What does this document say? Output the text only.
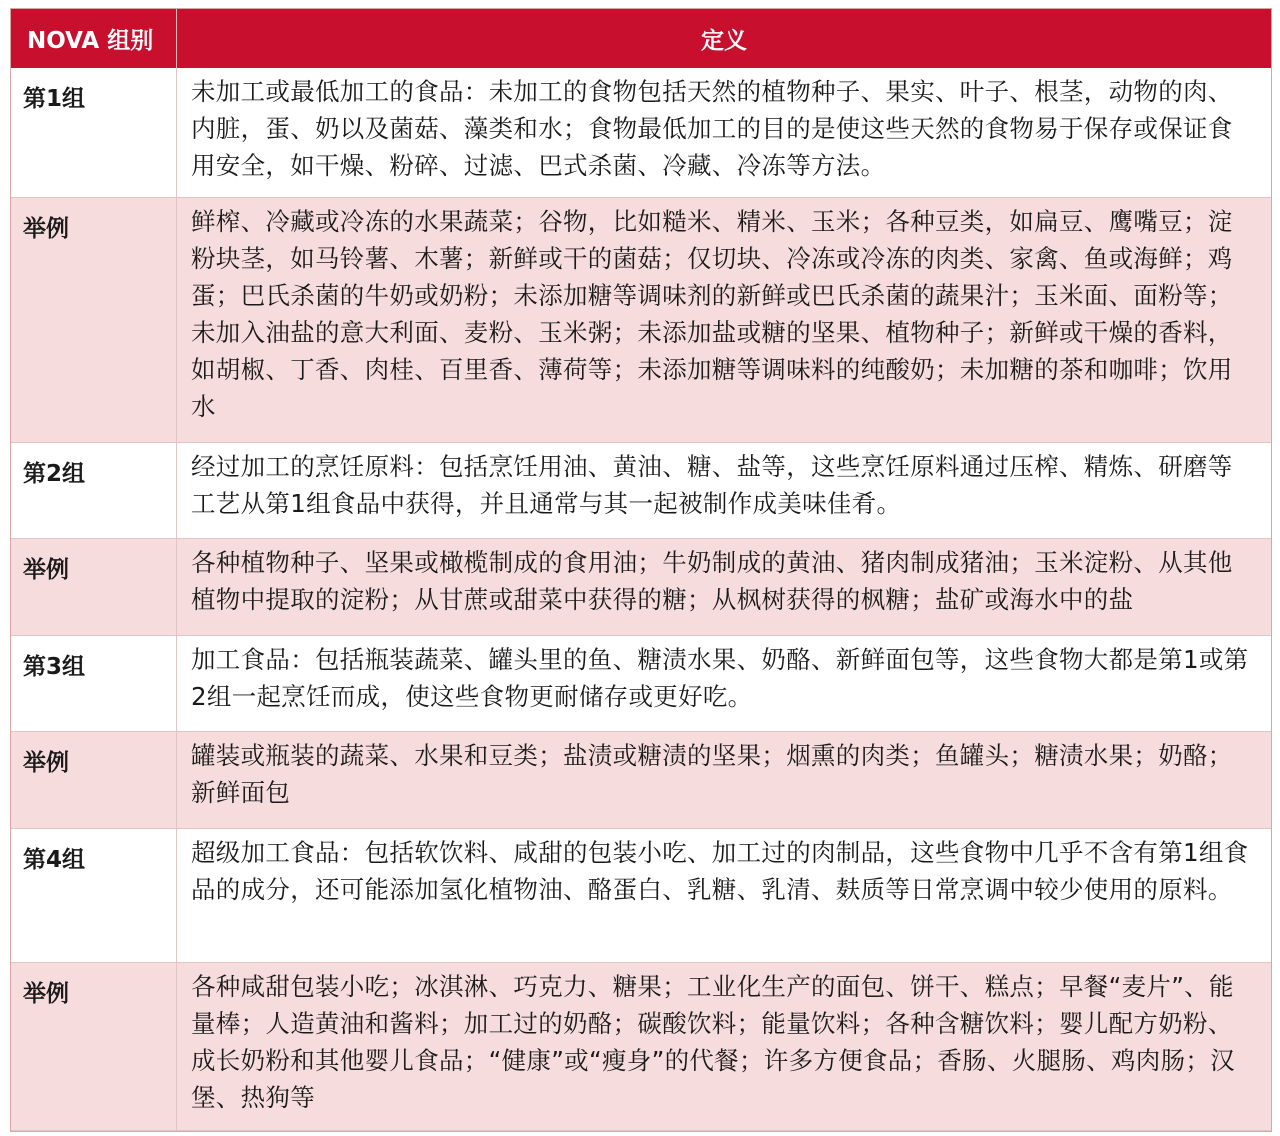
NOVA 组别	定义
第1组	未加工或最低加工的食品：未加工的食物包括天然的植物种子、果实、叶子、根茎，动物的肉、内脏，蛋、奶以及菌菇、藻类和水；食物最低加工的目的是使这些天然的食物易于保存或保证食用安全，如干燥、粉碎、过滤、巴式杀菌、冷藏、冷冻等方法。
举例	鲜榨、冷藏或冷冻的水果蔬菜；谷物，比如糙米、精米、玉米；各种豆类，如扁豆、鹰嘴豆；淀粉块茎，如马铃薯、木薯；新鲜或干的菌菇；仅切块、冷冻或冷冻的肉类、家禽、鱼或海鲜；鸡蛋；巴氏杀菌的牛奶或奶粉；未添加糖等调味剂的新鲜或巴氏杀菌的蔬果汁；玉米面、面粉等；未加入油盐的意大利面、麦粉、玉米粥；未添加盐或糖的坚果、植物种子；新鲜或干燥的香料，如胡椒、丁香、肉桂、百里香、薄荷等；未添加糖等调味料的纯酸奶；未加糖的茶和咖啡；饮用水
第2组	经过加工的烹饪原料：包括烹饪用油、黄油、糖、盐等，这些烹饪原料通过压榨、精炼、研磨等工艺从第1组食品中获得，并且通常与其一起被制作成美味佳肴。
举例	各种植物种子、坚果或橄榄制成的食用油；牛奶制成的黄油、猪肉制成猪油；玉米淀粉、从其他植物中提取的淀粉；从甘蔗或甜菜中获得的糖；从枫树获得的枫糖；盐矿或海水中的盐
第3组	加工食品：包括瓶装蔬菜、罐头里的鱼、糖渍水果、奶酪、新鲜面包等，这些食物大都是第1或第2组一起烹饪而成，使这些食物更耐储存或更好吃。
举例	罐装或瓶装的蔬菜、水果和豆类；盐渍或糖渍的坚果；烟熏的肉类；鱼罐头；糖渍水果；奶酪；新鲜面包
第4组	超级加工食品：包括软饮料、咸甜的包装小吃、加工过的肉制品，这些食物中几乎不含有第1组食品的成分，还可能添加氢化植物油、酪蛋白、乳糖、乳清、麸质等日常烹调中较少使用的原料。
举例	各种咸甜包装小吃；冰淇淋、巧克力、糖果；工业化生产的面包、饼干、糕点；早餐“麦片”、能量棒；人造黄油和酱料；加工过的奶酪；碳酸饮料；能量饮料；各种含糖饮料；婴儿配方奶粉、成长奶粉和其他婴儿食品；“健康”或“瘦身”的代餐；许多方便食品；香肠、火腿肠、鸡肉肠；汉堡、热狗等
